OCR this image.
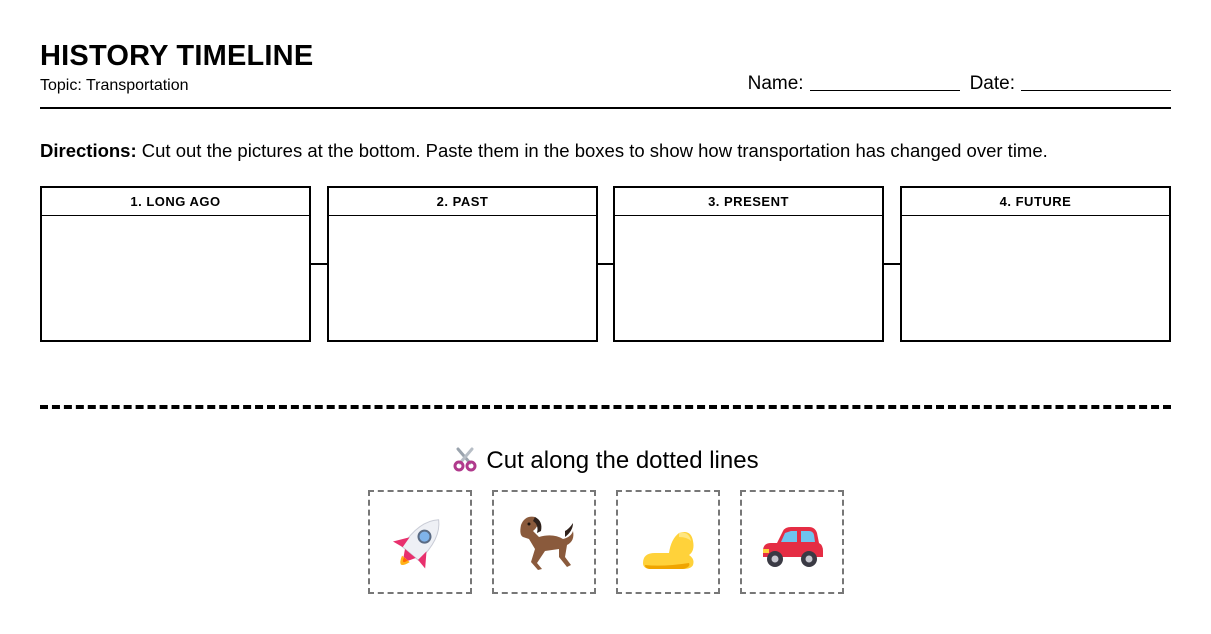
HISTORY TIMELINE
Topic: Transportation	Name:	Date:
Directions: Cut out the pictures at the bottom. Paste them in the boxes to show how transportation has changed over time.
1. LONG AGO	2. PAST	3. PRESENT	4. FUTURE
Cut along the dotted lines
